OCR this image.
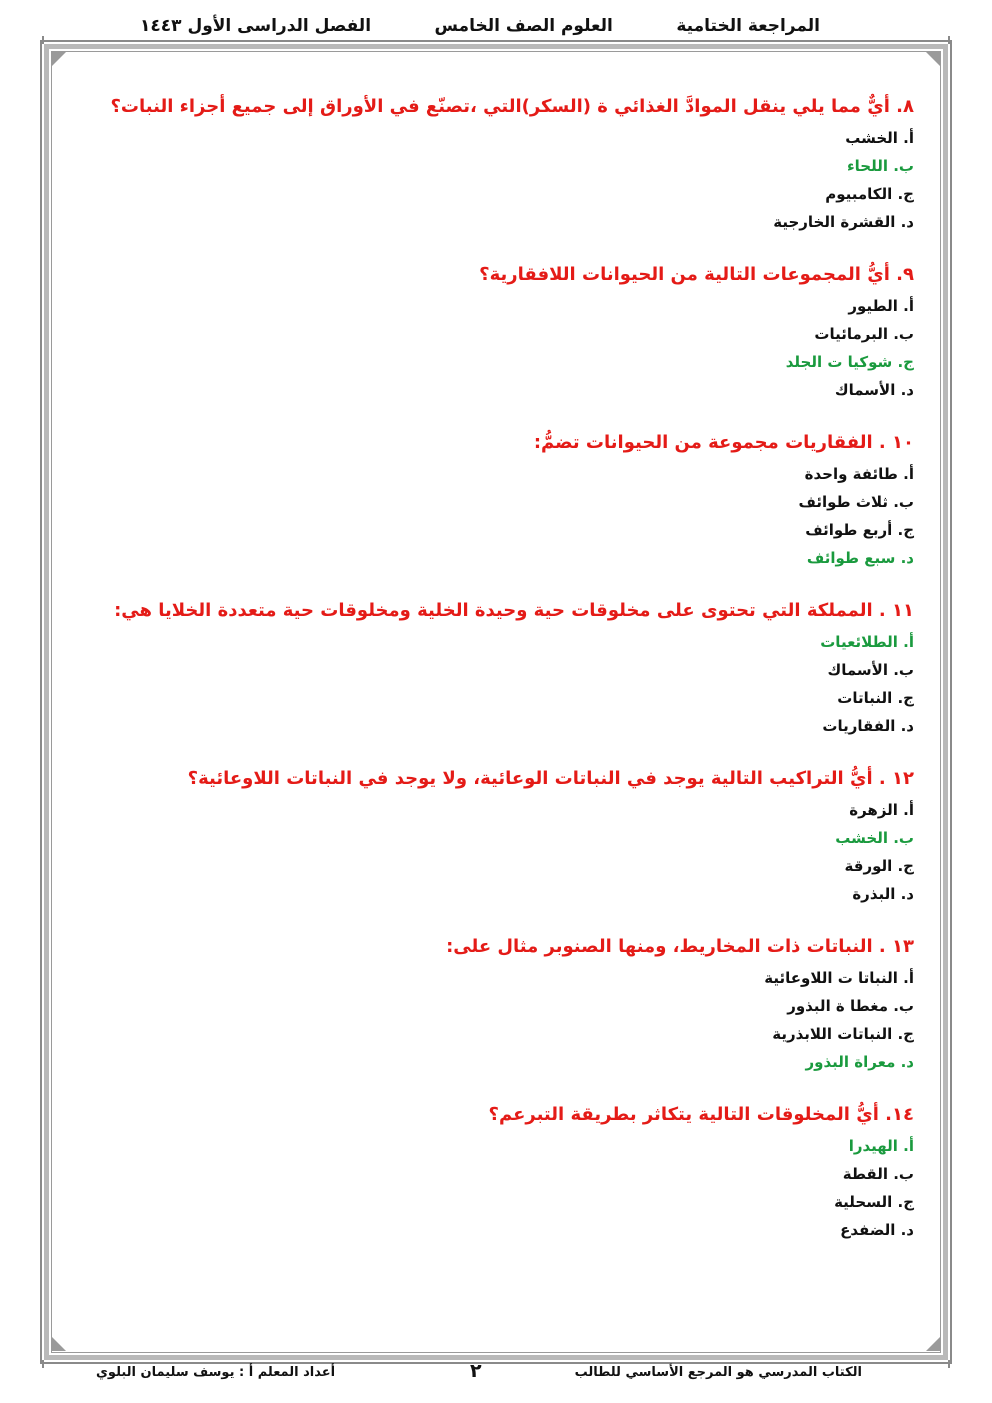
المراجعة الختامية
العلوم الصف الخامس
الفصل الدراسى الأول ١٤٤٣
٨. أيٌّ مما يلي ينقل الموادَّ الغذائي ة (السكر)التي ،تصنّع في الأوراق إلى جميع أجزاء النبات؟
أ. الخشب
ب. اللحاء
ج. الكامبيوم
د. القشرة الخارجية
٩. أيُّ المجموعات التالية من الحيوانات اللافقارية؟
أ. الطيور
ب. البرمائيات
ج. شوكيا ت الجلد
د. الأسماك
١٠ . الفقاريات مجموعة من الحيوانات تضمُّ:
أ. طائفة واحدة
ب. ثلاث طوائف
ج. أربع طوائف
د. سبع طوائف
١١ . المملكة التي تحتوى على مخلوقات حية وحيدة الخلية ومخلوقات حية متعددة الخلايا هي:
أ. الطلائعيات
ب. الأسماك
ج. النباتات
د. الفقاريات
١٢ . أيُّ التراكيب التالية يوجد في النباتات الوعائية، ولا يوجد في النباتات اللاوعائية؟
أ. الزهرة
ب. الخشب
ج. الورقة
د. البذرة
١٣ . النباتات ذات المخاريط، ومنها الصنوبر مثال على:
أ. النباتا ت اللاوعائية
ب. مغطا ة البذور
ج. النباتات اللابذرية
د. معراة البذور
١٤. أيُّ المخلوقات التالية يتكاثر بطريقة التبرعم؟
أ. الهيدرا
ب. القطة
ج. السحلية
د. الضفدع
الكتاب المدرسي هو المرجع الأساسي للطالب
٢
أعداد المعلم أ : يوسف سليمان البلوي
